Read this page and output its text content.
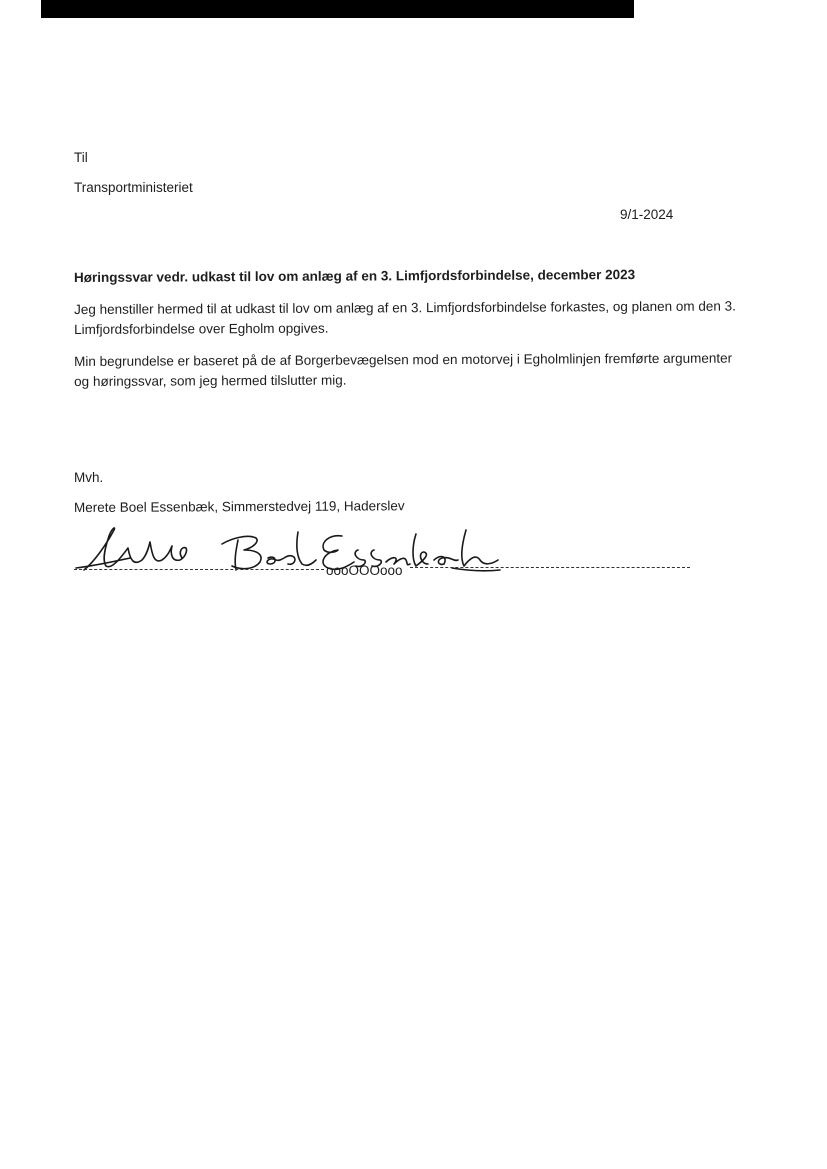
Til
Transportministeriet
9/1-2024
Høringssvar vedr. udkast til lov om anlæg af en 3. Limfjordsforbindelse, december 2023
Jeg henstiller hermed til at udkast til lov om anlæg af en 3. Limfjordsforbindelse forkastes, og planen om den 3. Limfjordsforbindelse over Egholm opgives.
Min begrundelse er baseret på de af Borgerbevægelsen mod en motorvej i Egholmlinjen fremførte argumenter og høringssvar, som jeg hermed tilslutter mig.
Mvh.
Merete Boel Essenbæk, Simmerstedvej 119, Haderslev
oooOOOooo
